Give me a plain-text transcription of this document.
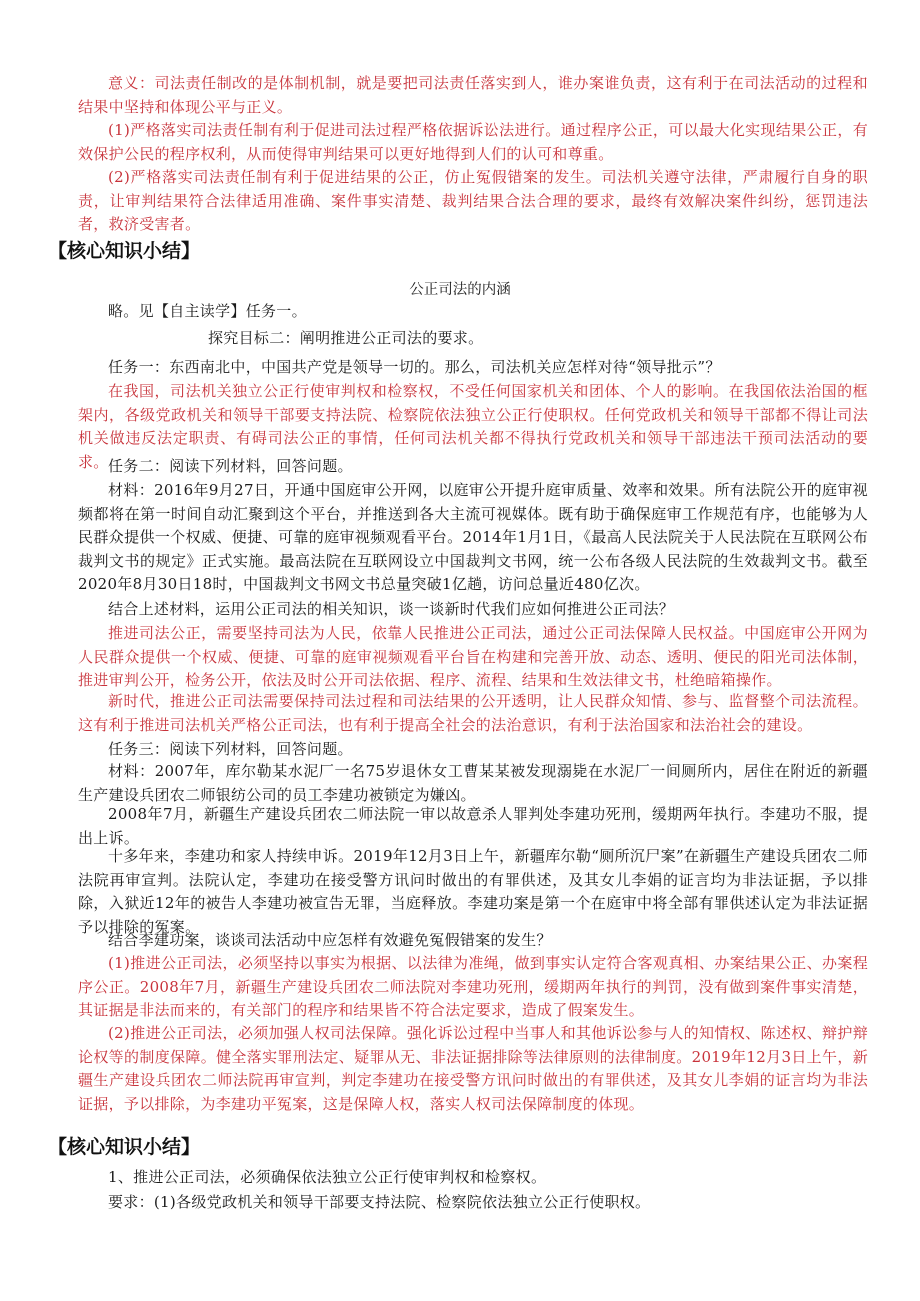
意义：司法责任制改的是体制机制，就是要把司法责任落实到人，谁办案谁负责，这有利于在司法活动的过程和结果中坚持和体现公平与正义。

(1)严格落实司法责任制有利于促进司法过程严格依据诉讼法进行。通过程序公正，可以最大化实现结果公正，有效保护公民的程序权利，从而使得审判结果可以更好地得到人们的认可和尊重。

(2)严格落实司法责任制有利于促进结果的公正，仿止冤假错案的发生。司法机关遵守法律，严肃履行自身的职责，让审判结果符合法律适用准确、案件事实清楚、裁判结果合法合理的要求，最终有效解决案件纠纷，惩罚违法者，救济受害者。

【核心知识小结】

公正司法的内涵

略。见【自主读学】任务一。

探究目标二：阐明推进公正司法的要求。

任务一：东西南北中，中国共产党是领导一切的。那么，司法机关应怎样对待“领导批示”？

在我国，司法机关独立公正行使审判权和检察权，不受任何国家机关和团体、个人的影响。在我国依法治国的框架内，各级党政机关和领导干部要支持法院、检察院依法独立公正行使职权。任何党政机关和领导干部都不得让司法机关做违反法定职责、有碍司法公正的事情，任何司法机关都不得执行党政机关和领导干部违法干预司法活动的要求。 任务二：阅读下列材料，回答问题。

材料：2016年9月27日，开通中国庭审公开网，以庭审公开提升庭审质量、效率和效果。所有法院公开的庭审视频都将在第一时间自动汇聚到这个平台，并推送到各大主流可视媒体。既有助于确保庭审工作规范有序，也能够为人民群众提供一个权威、便捷、可靠的庭审视频观看平台。2014年1月1日，《最高人民法院关于人民法院在互联网公布裁判文书的规定》正式实施。最高法院在互联网设立中国裁判文书网，统一公布各级人民法院的生效裁判文书。截至2020年8月30日18时，中国裁判文书网文书总量突破1亿趟，访问总量近480亿次。

结合上述材料，运用公正司法的相关知识，谈一谈新时代我们应如何推进公正司法？

推进司法公正，需要坚持司法为人民，依靠人民推进公正司法，通过公正司法保障人民权益。中国庭审公开网为人民群众提供一个权威、便捷、可靠的庭审视频观看平台旨在构建和完善开放、动态、透明、便民的阳光司法体制，推进审判公开，检务公开，依法及时公开司法依据、程序、流程、结果和生效法律文书，杜绝暗箱操作。

新时代，推进公正司法需要保持司法过程和司法结果的公开透明，让人民群众知情、参与、监督整个司法流程。这有利于推进司法机关严格公正司法，也有利于提高全社会的法治意识，有利于法治国家和法治社会的建设。

任务三：阅读下列材料，回答问题。

材料：2007年，库尔勒某水泥厂一名75岁退休女工曹某某被发现溺毙在水泥厂一间厕所内，居住在附近的新疆生产建设兵团农二师银纺公司的员工李建功被锁定为嫌凶。

2008年7月，新疆生产建设兵团农二师法院一审以故意杀人罪判处李建功死刑，缓期两年执行。李建功不服，提出上诉。

十多年来，李建功和家人持续申诉。2019年12月3日上午，新疆库尔勒“厕所沉尸案”在新疆生产建设兵团农二师法院再审宣判。法院认定，李建功在接受警方讯问时做出的有罪供述，及其女儿李娟的证言均为非法证据，予以排除，入狱近12年的被告人李建功被宣告无罪，当庭释放。李建功案是第一个在庭审中将全部有罪供述认定为非法证据予以排除的冤案。

结合李建功案，谈谈司法活动中应怎样有效避免冤假错案的发生？

(1)推进公正司法，必须坚持以事实为根据、以法律为准绳，做到事实认定符合客观真相、办案结果公正、办案程序公正。2008年7月，新疆生产建设兵团农二师法院对李建功死刑，缓期两年执行的判罚，没有做到案件事实清楚，其证据是非法而来的，有关部门的程序和结果皆不符合法定要求，造成了假案发生。

(2)推进公正司法，必须加强人权司法保障。强化诉讼过程中当事人和其他诉讼参与人的知情权、陈述权、辩护辩论权等的制度保障。健全落实罪刑法定、疑罪从无、非法证据排除等法律原则的法律制度。2019年12月3日上午，新疆生产建设兵团农二师法院再审宣判，判定李建功在接受警方讯问时做出的有罪供述，及其女儿李娟的证言均为非法证据，予以排除，为李建功平冤案，这是保障人权，落实人权司法保障制度的体现。

【核心知识小结】

1、推进公正司法，必须确保依法独立公正行使审判权和检察权。

要求：(1)各级党政机关和领导干部要支持法院、检察院依法独立公正行使职权。
